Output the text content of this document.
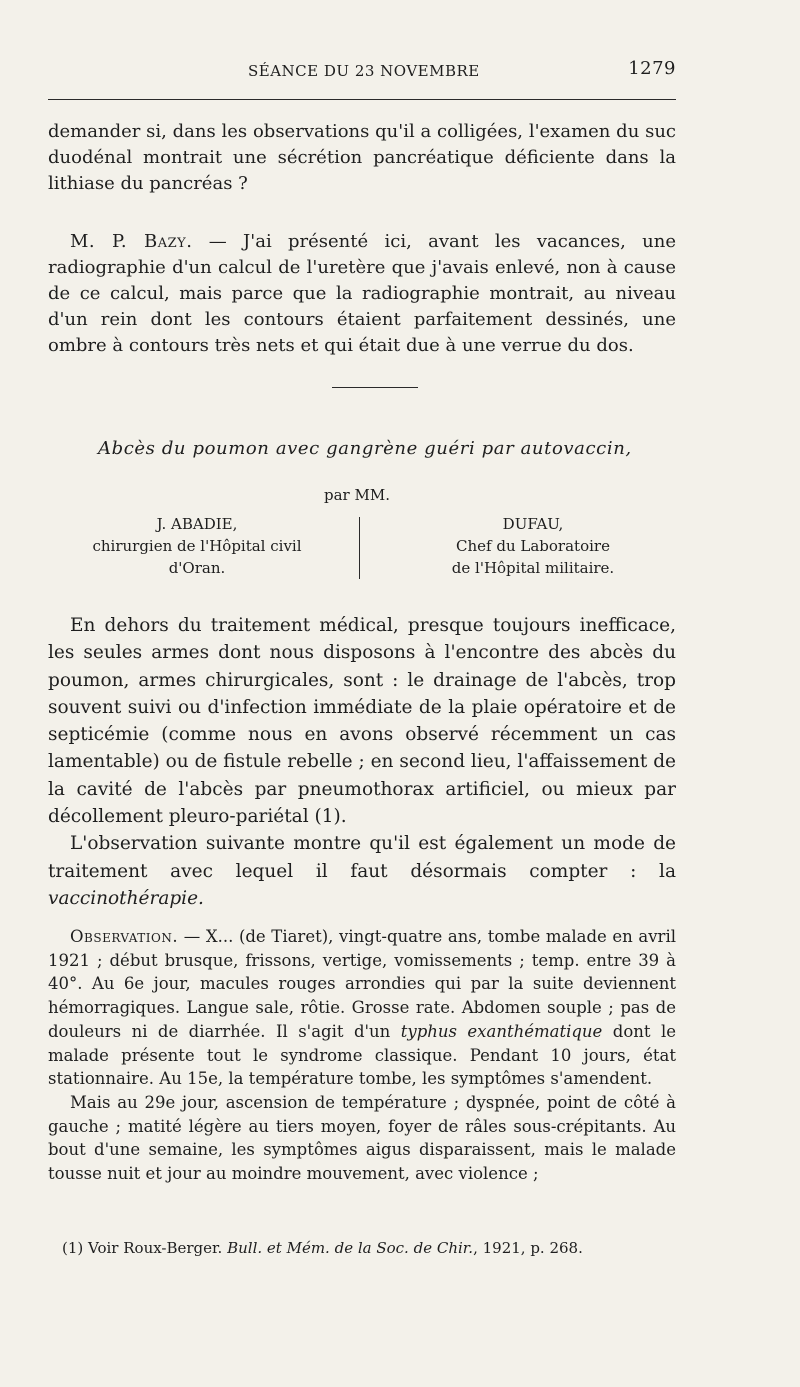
SÉANCE DU 23 NOVEMBRE	1279

demander si, dans les observations qu'il a colligées, l'examen du suc duodénal montrait une sécrétion pancréatique déficiente dans la lithiase du pancréas ?

M. P. Bazy. — J'ai présenté ici, avant les vacances, une radiographie d'un calcul de l'uretère que j'avais enlevé, non à cause de ce calcul, mais parce que la radiographie montrait, au niveau d'un rein dont les contours étaient parfaitement dessinés, une ombre à contours très nets et qui était due à une verrue du dos.

Abcès du poumon avec gangrène guéri par autovaccin,
par MM.
J. ABADIE,
chirurgien de l'Hôpital civil
d'Oran.
DUFAU,
Chef du Laboratoire
de l'Hôpital militaire.

En dehors du traitement médical, presque toujours inefficace, les seules armes dont nous disposons à l'encontre des abcès du poumon, armes chirurgicales, sont : le drainage de l'abcès, trop souvent suivi ou d'infection immédiate de la plaie opératoire et de septicémie (comme nous en avons observé récemment un cas lamentable) ou de fistule rebelle ; en second lieu, l'affaissement de la cavité de l'abcès par pneumothorax artificiel, ou mieux par décollement pleuro-pariétal (1).

L'observation suivante montre qu'il est également un mode de traitement avec lequel il faut désormais compter : la vaccinothérapie.

Observation. — X... (de Tiaret), vingt-quatre ans, tombe malade en avril 1921 ; début brusque, frissons, vertige, vomissements ; temp. entre 39 à 40°. Au 6e jour, macules rouges arrondies qui par la suite deviennent hémorragiques. Langue sale, rôtie. Grosse rate. Abdomen souple ; pas de douleurs ni de diarrhée. Il s'agit d'un typhus exanthématique dont le malade présente tout le syndrome classique. Pendant 10 jours, état stationnaire. Au 15e, la température tombe, les symptômes s'amendent.

Mais au 29e jour, ascension de température ; dyspnée, point de côté à gauche ; matité légère au tiers moyen, foyer de râles sous-crépitants. Au bout d'une semaine, les symptômes aigus disparaissent, mais le malade tousse nuit et jour au moindre mouvement, avec violence ;

(1) Voir Roux-Berger. Bull. et Mém. de la Soc. de Chir., 1921, p. 268.
